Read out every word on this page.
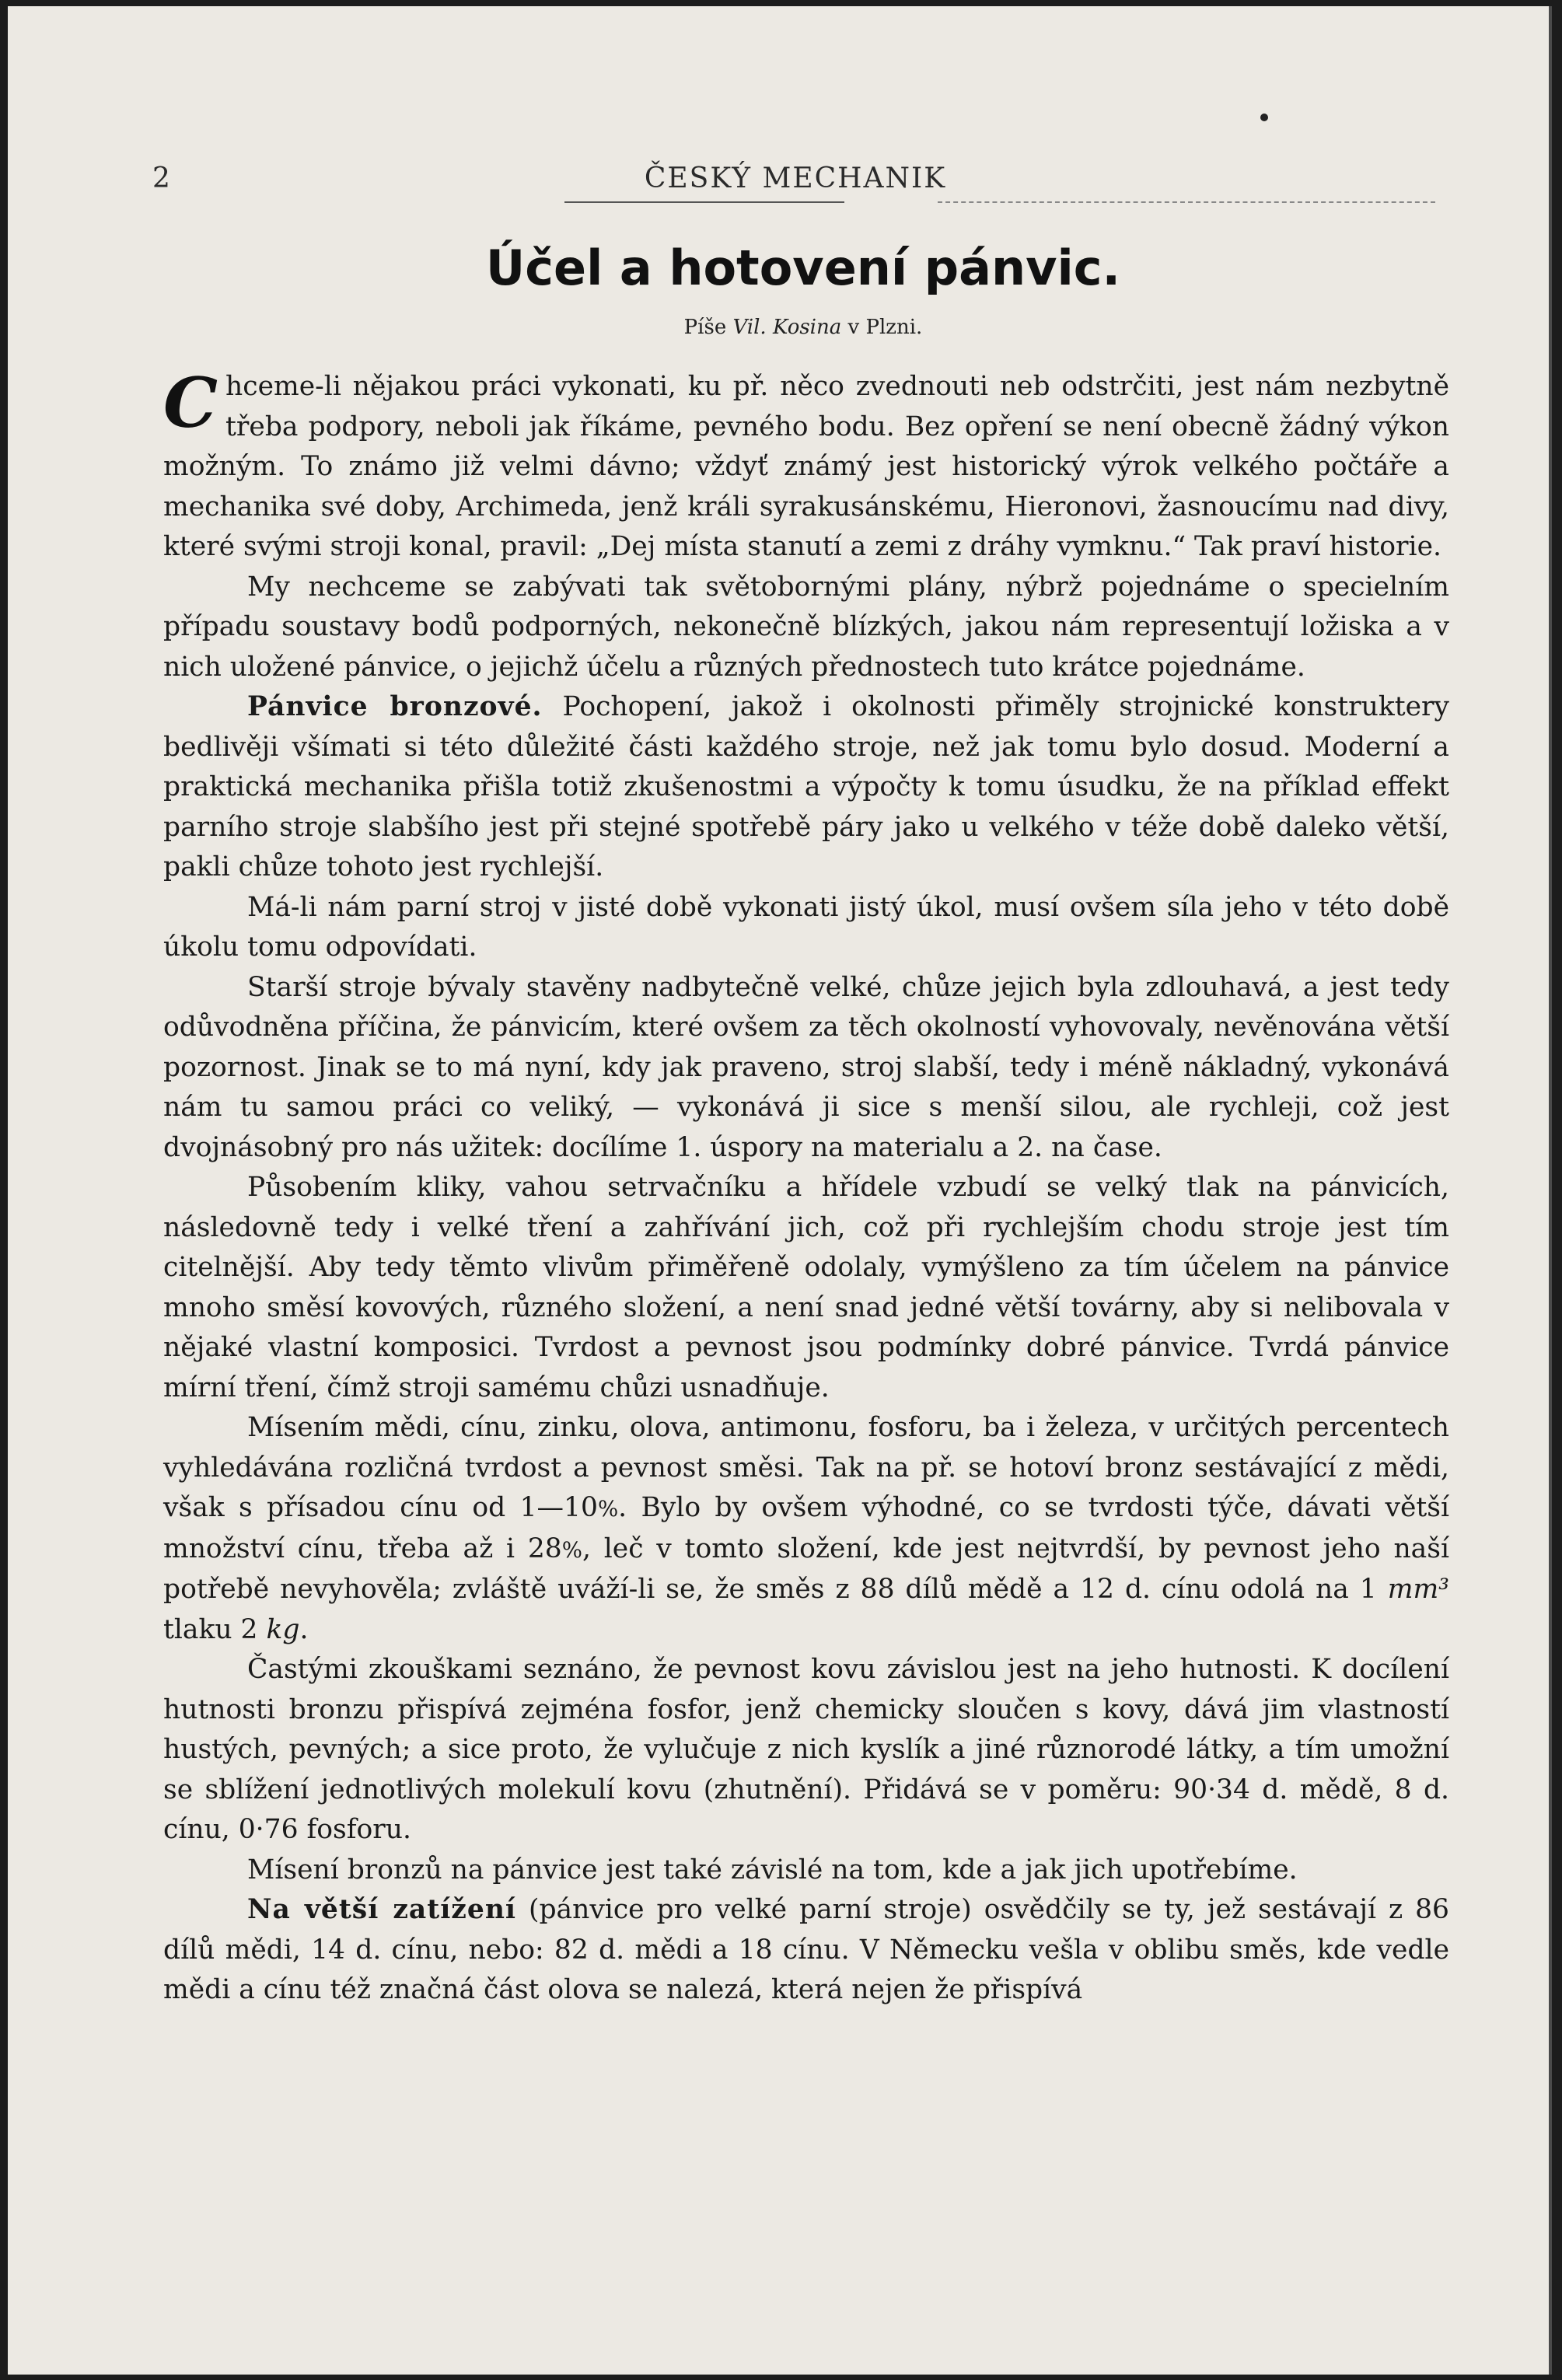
2	ČESKÝ MECHANIK
Účel a hotovení pánvic.
Píše Vil. Kosina v Plzni.

Chceme-li nějakou práci vykonati, ku př. něco zvednouti neb odstrčiti, jest nám nezbytně třeba podpory, neboli jak říkáme, pevného bodu. Bez opření se není obecně žádný výkon možným. To známo již velmi dávno; vždyť známý jest historický výrok velkého počtáře a mechanika své doby, Archimeda, jenž králi syrakusánskému, Hieronovi, žasnoucímu nad divy, které svými stroji konal, pravil: „Dej místa stanutí a zemi z dráhy vymknu.“ Tak praví historie.

My nechceme se zabývati tak světobornými plány, nýbrž pojednáme o specielním případu soustavy bodů podporných, nekonečně blízkých, jakou nám representují ložiska a v nich uložené pánvice, o jejichž účelu a různých přednostech tuto krátce pojednáme.

Pánvice bronzové. Pochopení, jakož i okolnosti přiměly strojnické konstruktery bedlivěji všímati si této důležité části každého stroje, než jak tomu bylo dosud. Moderní a praktická mechanika přišla totiž zkušenostmi a výpočty k tomu úsudku, že na příklad effekt parního stroje slabšího jest při stejné spotřebě páry jako u velkého v téže době daleko větší, pakli chůze tohoto jest rychlejší.

Má-li nám parní stroj v jisté době vykonati jistý úkol, musí ovšem síla jeho v této době úkolu tomu odpovídati.

Starší stroje bývaly stavěny nadbytečně velké, chůze jejich byla zdlouhavá, a jest tedy odůvodněna příčina, že pánvicím, které ovšem za těch okolností vyhovovaly, nevěnována větší pozornost. Jinak se to má nyní, kdy jak praveno, stroj slabší, tedy i méně nákladný, vykonává nám tu samou práci co veliký, — vykonává ji sice s menší silou, ale rychleji, což jest dvojnásobný pro nás užitek: docílíme 1. úspory na materialu a 2. na čase.

Působením kliky, vahou setrvačníku a hřídele vzbudí se velký tlak na pánvicích, následovně tedy i velké tření a zahřívání jich, což při rychlejším chodu stroje jest tím citelnější. Aby tedy těmto vlivům přiměřeně odolaly, vymýšleno za tím účelem na pánvice mnoho směsí kovových, různého složení, a není snad jedné větší továrny, aby si nelibovala v nějaké vlastní komposici. Tvrdost a pevnost jsou podmínky dobré pánvice. Tvrdá pánvice mírní tření, čímž stroji samému chůzi usnadňuje.

Mísením mědi, cínu, zinku, olova, antimonu, fosforu, ba i železa, v určitých percentech vyhledávána rozličná tvrdost a pevnost směsi. Tak na př. se hotoví bronz sestávající z mědi, však s přísadou cínu od 1—10%. Bylo by ovšem výhodné, co se tvrdosti týče, dávati větší množství cínu, třeba až i 28%, leč v tomto složení, kde jest nejtvrdší, by pevnost jeho naší potřebě nevyhověla; zvláště uváží-li se, že směs z 88 dílů mědě a 12 d. cínu odolá na 1 mm³ tlaku 2 kg.

Častými zkouškami seznáno, že pevnost kovu závislou jest na jeho hutnosti. K docílení hutnosti bronzu přispívá zejména fosfor, jenž chemicky sloučen s kovy, dává jim vlastností hustých, pevných; a sice proto, že vylučuje z nich kyslík a jiné různorodé látky, a tím umožní se sblížení jednotlivých molekulí kovu (zhutnění). Přidává se v poměru: 90·34 d. mědě, 8 d. cínu, 0·76 fosforu.

Mísení bronzů na pánvice jest také závislé na tom, kde a jak jich upotřebíme.

Na větší zatížení (pánvice pro velké parní stroje) osvědčily se ty, jež sestávají z 86 dílů mědi, 14 d. cínu, nebo: 82 d. mědi a 18 cínu. V Německu vešla v oblibu směs, kde vedle mědi a cínu též značná část olova se nalezá, která nejen že přispívá
